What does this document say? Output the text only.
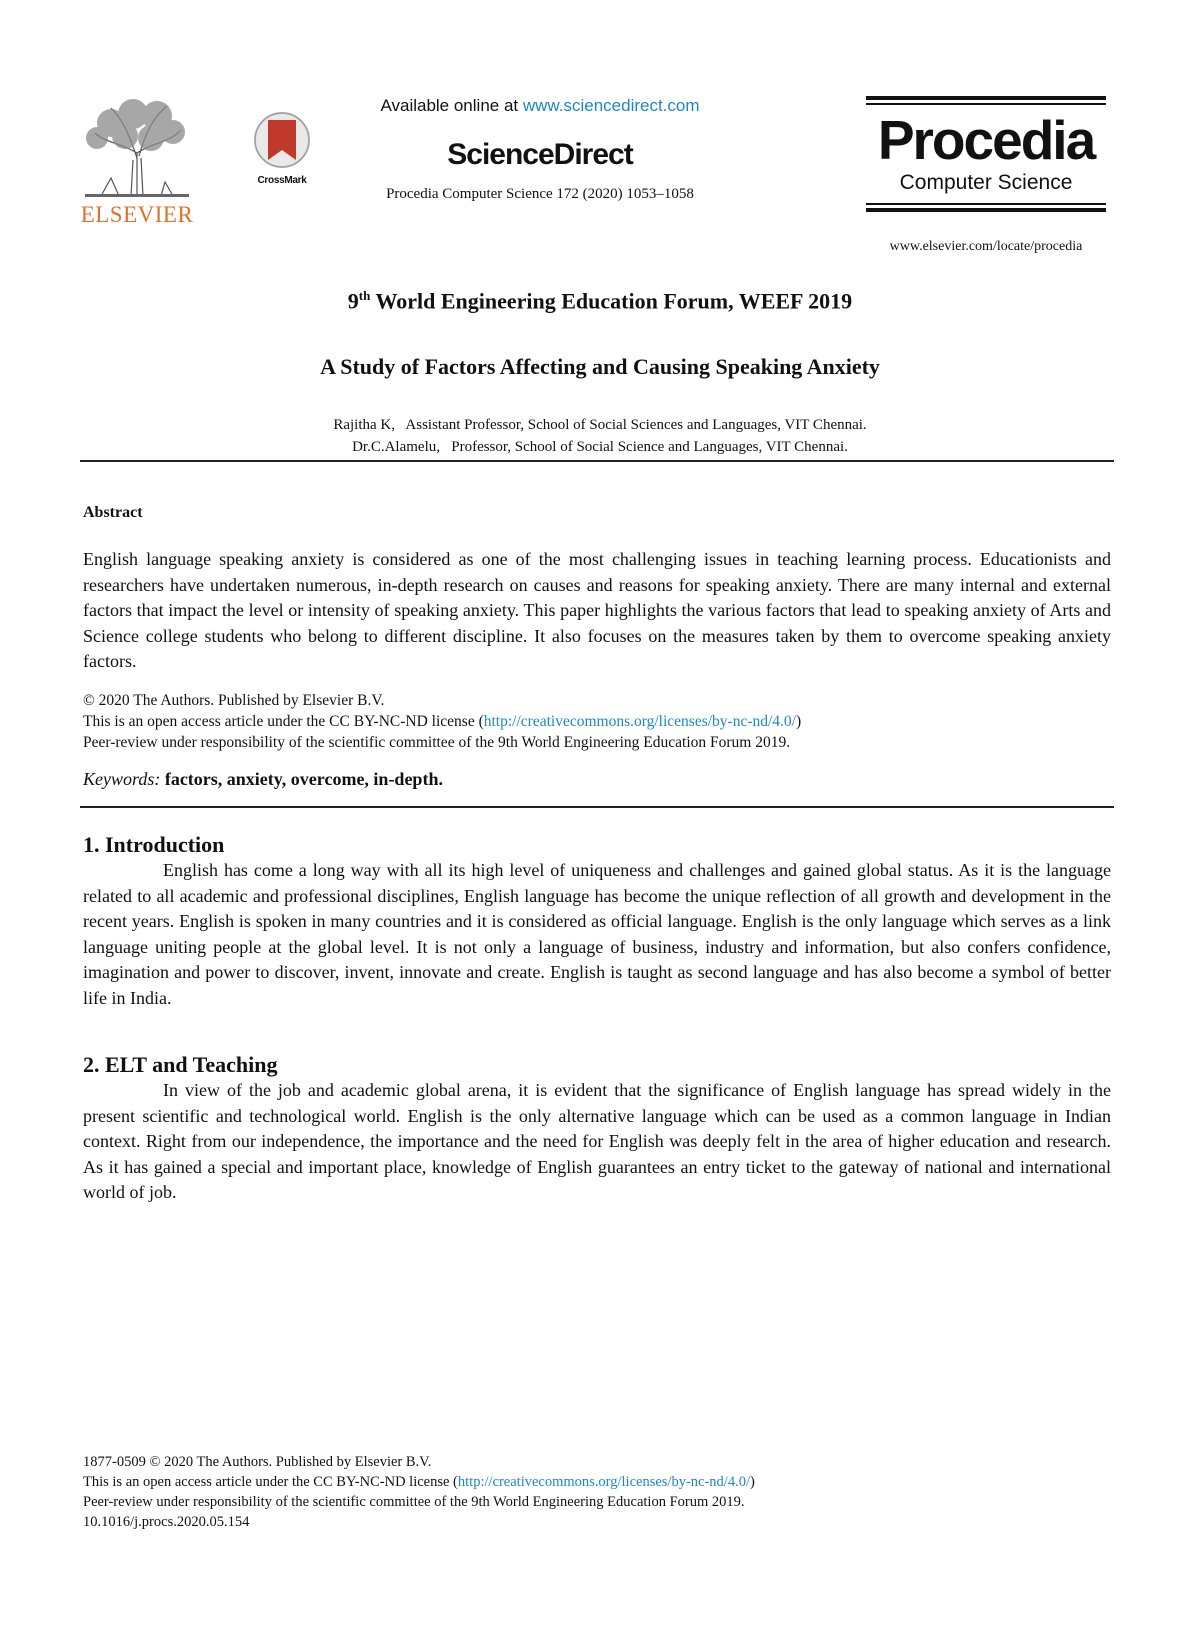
ELSEVIER
CrossMark
Available online at www.sciencedirect.com
ScienceDirect
Procedia Computer Science 172 (2020) 1053–1058
Procedia
Computer Science
www.elsevier.com/locate/procedia
9th World Engineering Education Forum, WEEF 2019
A Study of Factors Affecting and Causing Speaking Anxiety
Rajitha K,   Assistant Professor, School of Social Sciences and Languages, VIT Chennai.
Dr.C.Alamelu,   Professor, School of Social Science and Languages, VIT Chennai.
Abstract
English language speaking anxiety is considered as one of the most challenging issues in teaching learning process. Educationists and researchers have undertaken numerous, in-depth research on causes and reasons for speaking anxiety. There are many internal and external factors that impact the level or intensity of speaking anxiety. This paper highlights the various factors that lead to speaking anxiety of Arts and Science college students who belong to different discipline. It also focuses on the measures taken by them to overcome speaking anxiety factors.
© 2020 The Authors. Published by Elsevier B.V.
This is an open access article under the CC BY-NC-ND license (http://creativecommons.org/licenses/by-nc-nd/4.0/)
Peer-review under responsibility of the scientific committee of the 9th World Engineering Education Forum 2019.
Keywords: factors, anxiety, overcome, in-depth.
1. Introduction
English has come a long way with all its high level of uniqueness and challenges and gained global status. As it is the language related to all academic and professional disciplines, English language has become the unique reflection of all growth and development in the recent years. English is spoken in many countries and it is considered as official language. English is the only language which serves as a link language uniting people at the global level. It is not only a language of business, industry and information, but also confers confidence, imagination and power to discover, invent, innovate and create. English is taught as second language and has also become a symbol of better life in India.
2. ELT and Teaching
In view of the job and academic global arena, it is evident that the significance of English language has spread widely in the present scientific and technological world. English is the only alternative language which can be used as a common language in Indian context. Right from our independence, the importance and the need for English was deeply felt in the area of higher education and research. As it has gained a special and important place, knowledge of English guarantees an entry ticket to the gateway of national and international world of job.
1877-0509 © 2020 The Authors. Published by Elsevier B.V.
This is an open access article under the CC BY-NC-ND license (http://creativecommons.org/licenses/by-nc-nd/4.0/)
Peer-review under responsibility of the scientific committee of the 9th World Engineering Education Forum 2019.
10.1016/j.procs.2020.05.154
